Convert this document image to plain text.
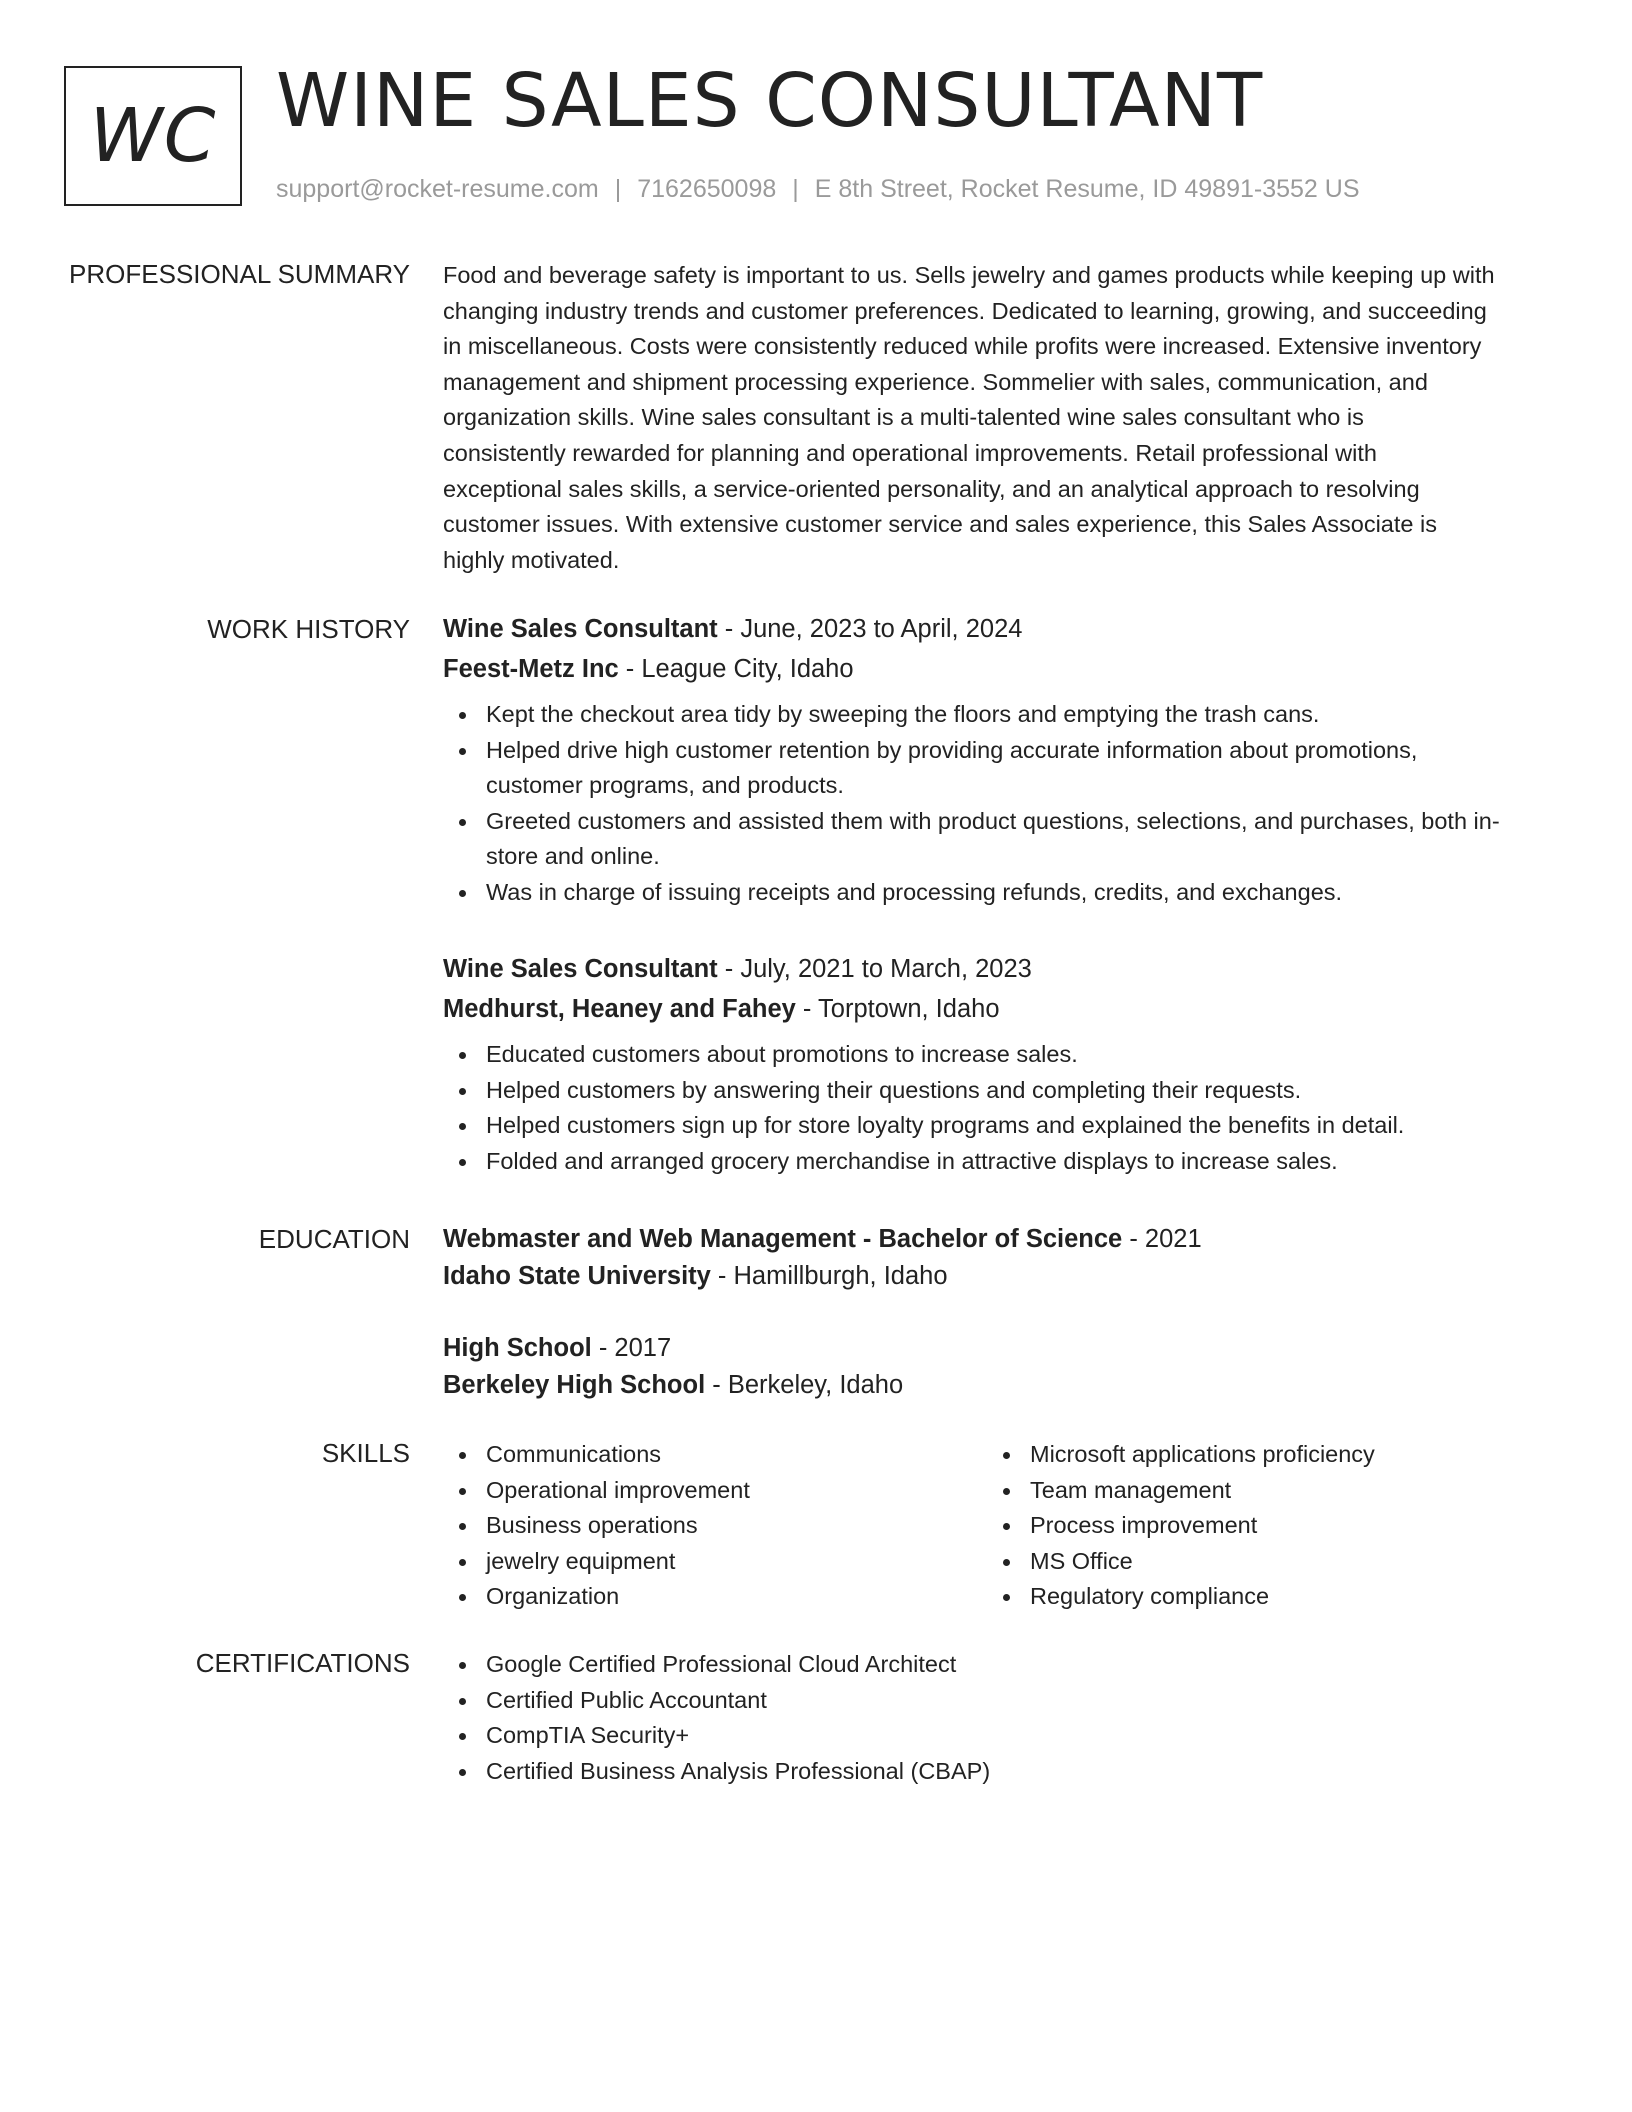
WC WINE SALES CONSULTANT
support@rocket-resume.com | 7162650098 | E 8th Street, Rocket Resume, ID 49891-3552 US
PROFESSIONAL SUMMARY Food and beverage safety is important to us. Sells jewelry and games products while keeping up with
changing industry trends and customer preferences. Dedicated to learning, growing, and succeeding
in miscellaneous. Costs were consistently reduced while profits were increased. Extensive inventory
management and shipment processing experience. Sommelier with sales, communication, and
organization skills. Wine sales consultant is a multi-talented wine sales consultant who is
consistently rewarded for planning and operational improvements. Retail professional with
exceptional sales skills, a service-oriented personality, and an analytical approach to resolving
customer issues. With extensive customer service and sales experience, this Sales Associate is
highly motivated.

WORK HISTORY Wine Sales Consultant - June, 2023 to April, 2024

Feest-Metz Inc - League City, Idaho

Kept the checkout area tidy by sweeping the floors and emptying the trash cans.
Helped drive high customer retention by providing accurate information about promotions,
customer programs, and products.
Greeted customers and assisted them with product questions, selections, and purchases, both in-
store and online.
Was in charge of issuing receipts and processing refunds, credits, and exchanges.

Wine Sales Consultant - July, 2021 to March, 2023

Medhurst, Heaney and Fahey - Torptown, Idaho

Educated customers about promotions to increase sales.
Helped customers by answering their questions and completing their requests.
Helped customers sign up for store loyalty programs and explained the benefits in detail.
Folded and arranged grocery merchandise in attractive displays to increase sales.
EDUCATION Webmaster and Web Management - Bachelor of Science - 2021

Idaho State University - Hamillburgh, Idaho

High School - 2017

Berkeley High School - Berkeley, Idaho

SKILLS	Communications
Operational improvement
Business operations
jewelry equipment
Organization
Microsoft applications proficiency
Team management
Process improvement
MS Office
Regulatory compliance
CERTIFICATIONS	Google Certified Professional Cloud Architect
Certified Public Accountant
CompTIA Security+
Certified Business Analysis Professional (CBAP)
